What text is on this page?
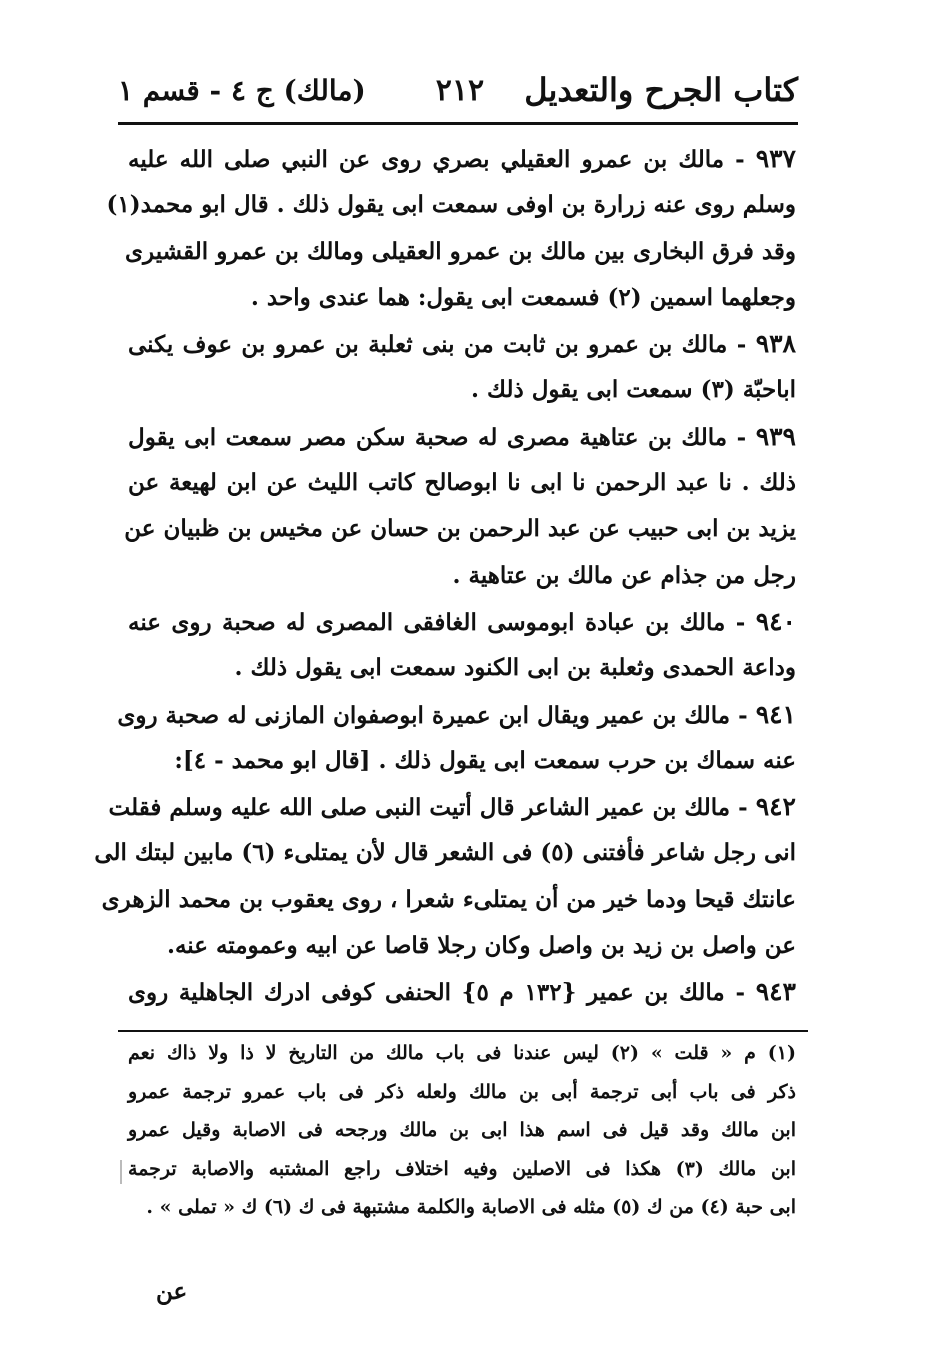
كتاب الجرح والتعديل
٢١٢
(مالك) ج ٤ - قسم ١
٩٣٧ - مالك بن عمرو العقيلي بصري روى عن النبي صلى الله عليه
وسلم روى عنه زرارة بن اوفى سمعت ابى يقول ذلك . قال ابو محمد(١)
وقد فرق البخارى بين مالك بن عمرو العقيلى ومالك بن عمرو القشيرى
وجعلهما اسمين (٢) فسمعت ابى يقول: هما عندى واحد .
٩٣٨ - مالك بن عمرو بن ثابت من بنى ثعلبة بن عمرو بن عوف يكنى
اباحبّة (٣) سمعت ابى يقول ذلك .
٩٣٩ - مالك بن عتاهية مصرى له صحبة سكن مصر سمعت ابى يقول
ذلك . نا عبد الرحمن نا ابى نا ابوصالح كاتب الليث عن ابن لهيعة عن
يزيد بن ابى حبيب عن عبد الرحمن بن حسان عن مخيس بن ظبيان عن
رجل من جذام عن مالك بن عتاهية .
٩٤٠ - مالك بن عبادة ابوموسى الغافقى المصرى له صحبة روى عنه
وداعة الحمدى وثعلبة بن ابى الكنود سمعت ابى يقول ذلك .
٩٤١ - مالك بن عمير ويقال ابن عميرة ابوصفوان المازنى له صحبة روى
عنه سماك بن حرب سمعت ابى يقول ذلك . [قال ابو محمد - ٤]:
٩٤٢ - مالك بن عمير الشاعر قال أتيت النبى صلى الله عليه وسلم فقلت
انى رجل شاعر فأفتنى (٥) فى الشعر قال لأن يمتلىء (٦) مابين لبتك الى
عانتك قيحا ودما خير من أن يمتلىء شعرا ، روى يعقوب بن محمد الزهرى
عن واصل بن زيد بن واصل وكان رجلا قاصا عن ابيه وعمومته عنه.
٩٤٣ - مالك بن عمير {١٣٢ م ٥} الحنفى كوفى ادرك الجاهلية روى
(١) م « قلت » (٢) ليس عندنا فى باب مالك من التاريخ لا ذا ولا ذاك نعم
ذكر فى باب أبى ترجمة أبى بن مالك ولعله ذكر فى باب عمرو ترجمة عمرو
ابن مالك وقد قيل فى اسم هذا ابى بن مالك ورجحه فى الاصابة وقيل عمرو
ابن مالك (٣) هكذا فى الاصلين وفيه اختلاف راجع المشتبه والاصابة ترجمة
ابى حبة (٤) من ك (٥) مثله فى الاصابة والكلمة مشتبهة فى ك (٦) ك « تملى » .
عن
